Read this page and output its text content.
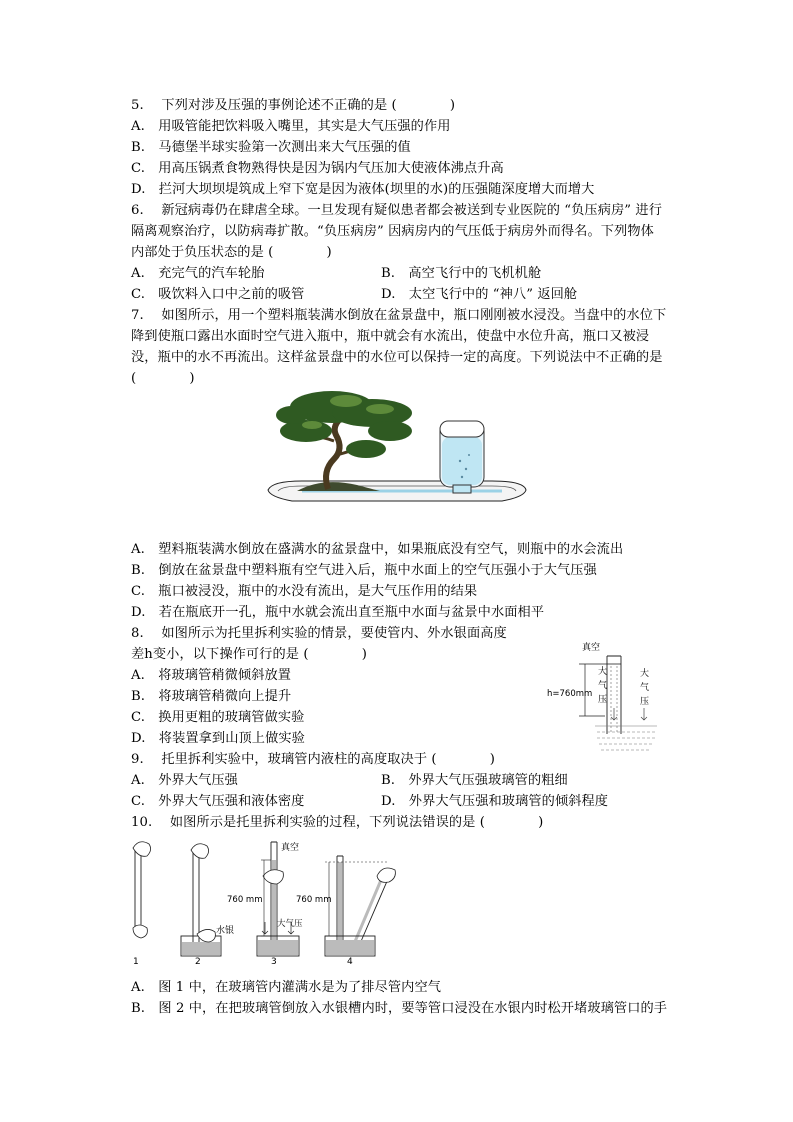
5.　 下列对涉及压强的事例论述不正确的是 (　　　　)
A.　用吸管能把饮料吸入嘴里，其实是大气压强的作用
B.　马德堡半球实验第一次测出来大气压强的值
C.　用高压锅煮食物熟得快是因为锅内气压加大使液体沸点升高
D.　拦河大坝坝堤筑成上窄下宽是因为液体(坝里的水)的压强随深度增大而增大
6.　 新冠病毒仍在肆虐全球。一旦发现有疑似患者都会被送到专业医院的 “负压病房” 进行
隔离观察治疗，以防病毒扩散。“负压病房” 因病房内的气压低于病房外而得名。下列物体
内部处于负压状态的是 (　　　　)
A.　充完气的汽车轮胎	B.　高空飞行中的飞机机舱
C.　吸饮料入口中之前的吸管	D.　太空飞行中的 “神八” 返回舱
7.　 如图所示，用一个塑料瓶装满水倒放在盆景盘中，瓶口刚刚被水浸没。当盘中的水位下
降到使瓶口露出水面时空气进入瓶中，瓶中就会有水流出，使盘中水位升高，瓶口又被浸
没，瓶中的水不再流出。这样盆景盘中的水位可以保持一定的高度。下列说法中不正确的是
(　　　　)
A.　塑料瓶装满水倒放在盛满水的盆景盘中，如果瓶底没有空气，则瓶中的水会流出
B.　倒放在盆景盘中塑料瓶有空气进入后，瓶中水面上的空气压强小于大气压强
C.　瓶口被浸没，瓶中的水没有流出，是大气压作用的结果
D.　若在瓶底开一孔，瓶中水就会流出直至瓶中水面与盆景中水面相平
8.　 如图所示为托里拆利实验的情景，要使管内、外水银面高度
差h变小，以下操作可行的是 (　　　　)
A.　将玻璃管稍微倾斜放置
B.　将玻璃管稍微向上提升
C.　换用更粗的玻璃管做实验
D.　将装置拿到山顶上做实验
真空
h=760mm
大
气
压
大
气
压
9.　 托里拆利实验中，玻璃管内液柱的高度取决于 (　　　　)
A.　外界大气压强	B.　外界大气压强玻璃管的粗细
C.　外界大气压强和液体密度	D.　外界大气压强和玻璃管的倾斜程度
10.　 如图所示是托里拆利实验的过程，下列说法错误的是 (　　　　)
1
水银
2
真空
760 mm
大气压
3
760 mm
4
A.　图 1 中，在玻璃管内灌满水是为了排尽管内空气
B.　图 2 中，在把玻璃管倒放入水银槽内时，要等管口浸没在水银内时松开堵玻璃管口的手
